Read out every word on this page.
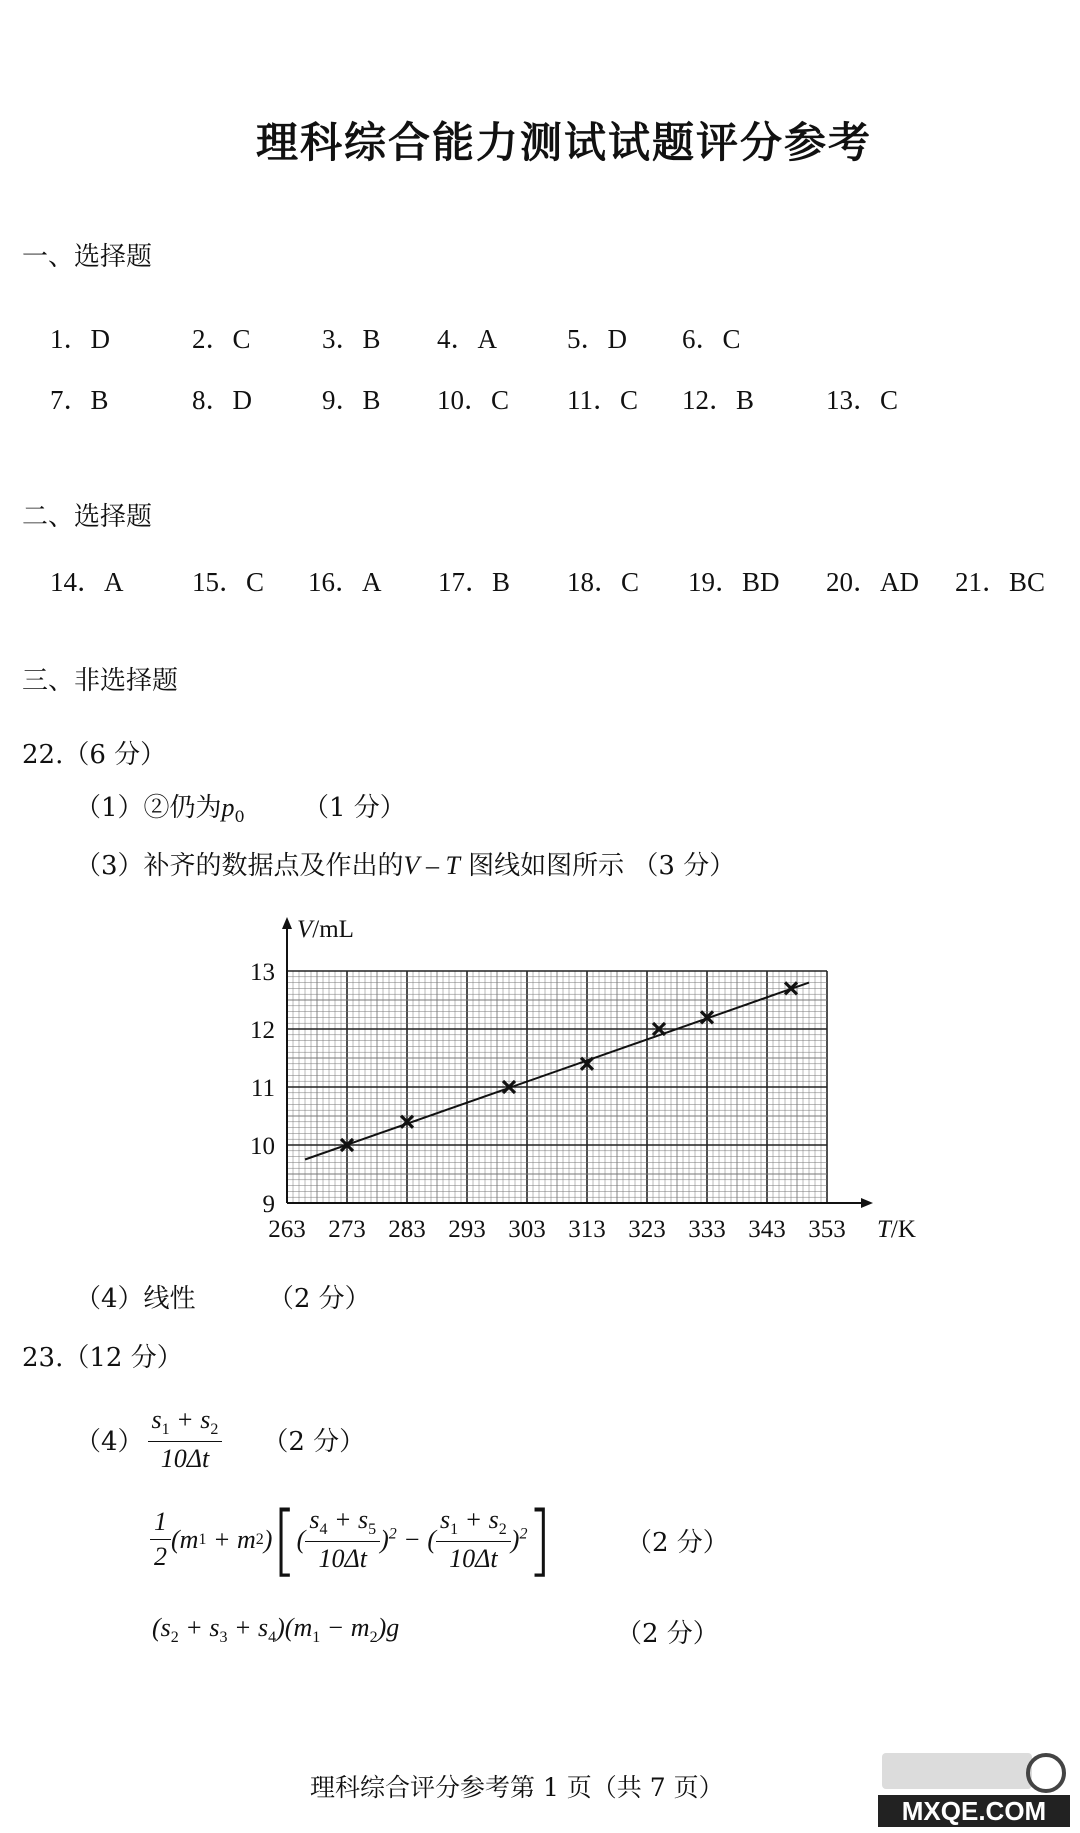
理科综合能力测试试题评分参考
一、选择题
1．D	2．C	3．B 4．A	5．D 6．C
7．B	8．D	9．B 10．C 11．C 12．B	13．C
二、选择题
14．A	15．C 16．A 17．B 18．C 19．BD 20．AD 21．BC
三、非选择题
22.（6 分）
（1）②仍为$p_0$ （1 分）
（3）补齐的数据点及作出的V – T 图线如图所示 （3 分）
263 273 283 293 303 313 323 333 343 353
9
10
11
12
13
V/mL
T/K
（4）线性	（2 分）
23.（12 分）
$(4) \frac{s_1 + s_2}{10\Delta t} (2$ 分）
$\frac{1}{2}$ ( m 1 + m 2 ) [ ( $\frac{s_4 + s_5}{10\Delta t} )^2$ − ( $\frac{s_1 + s_2}{10\Delta t} )^2$ ]	（2 分）
$(s_2 + s_3 + s_4)(m_1 - m_2)g$	（2 分）
理科综合评分参考第 1 页（共 7 页）
MXQE.COM
